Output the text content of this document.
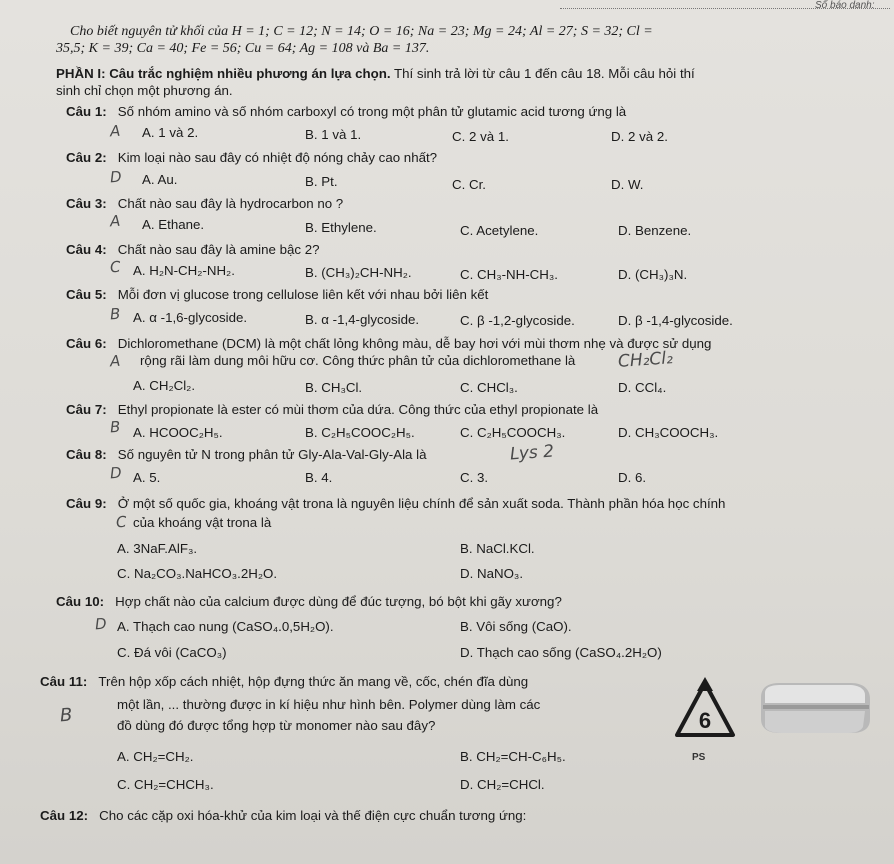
Số báo danh:
Cho biết nguyên tử khối của H = 1; C = 12; N = 14; O = 16; Na = 23; Mg = 24; Al = 27; S = 32; Cl =
35,5; K = 39; Ca = 40; Fe = 56; Cu = 64; Ag = 108 và Ba = 137.
PHẦN I: Câu trắc nghiệm nhiều phương án lựa chọn. Thí sinh trả lời từ câu 1 đến câu 18. Mỗi câu hỏi thí
sinh chỉ chọn một phương án.
Câu 1: Số nhóm amino và số nhóm carboxyl có trong một phân tử glutamic acid tương ứng là
A A. 1 và 2.	B. 1 và 1.	C. 2 và 1.	D. 2 và 2.
Câu 2: Kim loại nào sau đây có nhiệt độ nóng chảy cao nhất?
D A. Au.	B. Pt.	C. Cr.	D. W.
Câu 3: Chất nào sau đây là hydrocarbon no ?
A A. Ethane.	B. Ethylene.	C. Acetylene.	D. Benzene.
Câu 4: Chất nào sau đây là amine bậc 2?
C A. H₂N-CH₂-NH₂.	B. (CH₃)₂CH-NH₂.	C. CH₃-NH-CH₃.	D. (CH₃)₃N.
Câu 5: Mỗi đơn vị glucose trong cellulose liên kết với nhau bởi liên kết
B A. α -1,6-glycoside.	B. α -1,4-glycoside.	C. β -1,2-glycoside.	D. β -1,4-glycoside.
Câu 6: Dichloromethane (DCM) là một chất lỏng không màu, dễ bay hơi với mùi thơm nhẹ và được sử dụng
rộng rãi làm dung môi hữu cơ. Công thức phân tử của dichloromethane là CH₂Cl₂
A
A. CH₂Cl₂.	B. CH₃Cl.	C. CHCl₃.	D. CCl₄.
Câu 7: Ethyl propionate là ester có mùi thơm của dứa. Công thức của ethyl propionate là
B A. HCOOC₂H₅.	B. C₂H₅COOC₂H₅.	C. C₂H₅COOCH₃.	D. CH₃COOCH₃.
Câu 8: Số nguyên tử N trong phân tử Gly-Ala-Val-Gly-Ala là	Lys 2
D A. 5.	B. 4.	C. 3.	D. 6.
Câu 9: Ở một số quốc gia, khoáng vật trona là nguyên liệu chính để sản xuất soda. Thành phần hóa học chính
của khoáng vật trona là
C
A. 3NaF.AlF₃.	B. NaCl.KCl.
C. Na₂CO₃.NaHCO₃.2H₂O.	D. NaNO₃.
Câu 10: Hợp chất nào của calcium được dùng để đúc tượng, bó bột khi gãy xương?
D A. Thạch cao nung (CaSO₄.0,5H₂O).	B. Vôi sống (CaO).
C. Đá vôi (CaCO₃)	D. Thạch cao sống (CaSO₄.2H₂O)
Câu 11: Trên hộp xốp cách nhiệt, hộp đựng thức ăn mang về, cốc, chén đĩa dùng
một lần, ... thường được in kí hiệu như hình bên. Polymer dùng làm các
đồ dùng đó được tổng hợp từ monomer nào sau đây?
B
A. CH₂=CH₂.	B. CH₂=CH-C₆H₅.
C. CH₂=CHCH₃.	D. CH₂=CHCl.
6
PS
Câu 12: Cho các cặp oxi hóa-khử của kim loại và thế điện cực chuẩn tương ứng:
